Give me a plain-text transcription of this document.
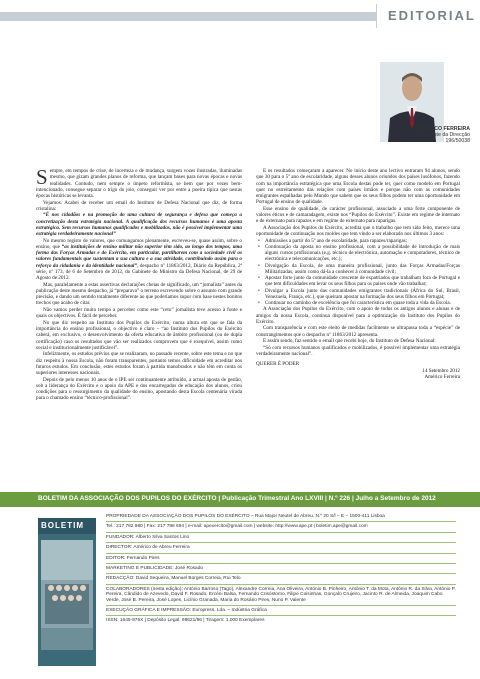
EDITORIAL
AMÉRICO FERREIRA
Presidente da Direcção
196/50038

Sempre, em tempos de crise, de incerteza e de mudança, surgem vozes ilustradas, iluminadas mesmo, que gizam grandes planos de reforma, que lançam bases para novas épocas e novas realidades. Contudo, nem sempre o ímpeto reformista, se bem que por vezes bem-intencionado, consegue separar o trigo do joio, conseguir ver por entre a poeira típica que nestas épocas históricas se levanta.

Vejamos. Acabei de receber um email do Instituto de Defesa Nacional que diz, de forma cristalina:

“É nos cidadãos e na promoção do uma cultura de segurança e defesa que começa a concretização desta estratégia nacional. A qualificação dos recursos humanos é uma aposta estratégica. Sem recursos humanos qualificados e mobilizados, não é possível implementar uma estratégia verdadeiramente nacional”

No mesmo registo de valores, que comungamos plenamente, escreveu-se, quase assim, sobre o ensino, que “as instituições de ensino militar não superior têm sido, ao longo dos tempos, uma forma das Forças Armadas e do Exército, em particular, partilharem com a sociedade civil os valores fundamentais que sustentam a sua cultura e a sua atividade, contribuindo assim para o reforço da cidadania e da identidade nacional”, despacho nº 11863/2012, Diário da República, 2ª série, nº 173, de 6 de Setembro de 2012, do Gabinete do Ministro da Defesa Nacional, de 29 de Agosto de 2012.

Mas, paralelamente a estas assertivas declarações cheias de significado, um “jornalista” antes da publicação deste mesmo despacho, já “preparava” o terreno escrevendo sobre o assunto com grande precisão, e dando um sentido totalmente diferente ao que poderíamos supor com base nestes bonitos trechos que acabo de citar.

Não vamos perder muito tempo a perceber como este “ceto” jornalista teve acesso à fonte e quais os objectivos. É fácil de perceber.

No que diz respeito ao Instituto dos Pupilos do Exército, numa altura em que se fala da importância do ensino profissional, o objectivo é claro – “ao Instituto dos Pupilos do Exército caberá, em exclusivo, o desenvolvimento da oferta educativa de âmbito profissional (ou de dupla certificação) caso os resultados que vão ser realizados comprovem que é exequível, assim como social e institucionalmente justificável”.

Infelizmente, os estudos prévios que se realizaram, no passado recente, sobre este tema e no que diz respeito à nossa Escola, não foram transparentes, portanto temos dificuldade em acreditar nos futuros estudos. Em conclusão, estes estudos foram à partida manobrados e não têm em conta os superiores interesses nacionais.

Depois de pelo menos 10 anos de o IPE ser continuamente atribuído, a actual aposta de gestão, sob a liderança do Exército e o apoio da APE e dos encarregados de educação dos alunos, criou condições para o ressurgimento da qualidade do ensino, apostando desta Escola centenária virada para o chamado ensino “técnico-profissional”.

E os resultados começaram a aparecer. No início deste ano lectivo entraram 94 alunos, sendo que 30 para o 5º ano de escolaridade, alguns desses alunos oriundos dos países lusófonos, fazendo com na importância estratégica que uma Escola destas pode ter, quer como modelo em Portugal quer no estreitamento das relações com países irmãos e porque não com as comunidades emigrantes espalhadas pelo Mundo que sabem que os seus filhos podem ter uma oportunidade em Portugal de ensino de qualidade.

Esse ensino de qualidade, de carácter profissional, associado a uma forte componente de valores éticos e de camaradagem, existe nos “Pupilos do Exército”. Existe em regime de internato e de externato para rapazes e em regime de externato para raparigas.

A Associação dos Pupilos do Exército, acredita que o trabalho que tem sido feito, merece uma oportunidade de continuação nos moldes que tem vindo a ser elaborado nos últimos 3 anos:

• Admissões a partir do 5º ano de escolaridade, para rapazes/raparigas;
• Continuação da aposta no ensino profissional, com a possibilidade de introdução de mais alguns cursos profissionais (e.g. técnico de electrónica, automação e computadores, técnico de electrónica e telecomunicações, etc.);
• Divulgação da Escola, de uma maneira profissional, junto das Forças Armadas/Forças Militarizadas, assim como dá-la a conhecer à comunidade civil;
• Apostar forte junto da comunidade crescente de expatriados que trabalham fora de Portugal e que tem dificuldades em levar os seus filhos para os países onde vão trabalhar;
• Divulgar a Escola junto das comunidades emigrantes tradicionais (África do Sul, Brasil, Venezuela, França, etc.), que queiram apostar na formação dos seus filhos em Portugal;
• Continuar no caminho de excelência que foi característica em quase toda a vida da Escola.

A Associação dos Pupilos do Exército, com o apoio de todos os antigos alunos e alunas e de amigos da nossa Escola, continua disponível para a optimização do Instituto dos Pupilos do Exército.

Com transparência e com este eleito de medidas facilmente se ultrapassa toda a “espécie” de constrangimentos que o despacho nº 11863/2012 apresenta.

E assim sendo, faz sentido o email que recebi hoje, do Instituto de Defesa Nacional:

“Só com recursos humanos qualificados e mobilizados, é possível implementar uma estratégia verdadeiramente nacional”.

QUERER É PODER

14 Setembro 2012

Américo Ferreira

BOLETIM DA ASSOCIAÇÃO DOS PUPILOS DO EXÉRCITO | Publicação Trimestral Ano LXVIII | N.º 226 | Julho a Setembro de 2012
BOLETIM
PROPRIEDADE DA ASSOCIAÇÃO DOS PUPILOS DO EXÉRCITO – Rua Major Neutel de Abreu, N.º 20 S/l – E – 1500-411 Lisboa
Tel.: 217 782 980 | Fax: 217 788 694 | e-mail: apexercito@gmail.com | website: http://www.ape.pt | boletim.ape@gmail.com
FUNDADOR: Alberto Silva Santos Lino
DIRECTOR: Américo de Abreu Ferreira
EDITOR: Fernando Pires
MARKETING E PUBLICIDADE: José Rosado
REDACÇÃO: David Sequeira, Manuel Borges Correia, Rui Telo
COLABORADORES (nesta edição): António Barroso (Tago), Alexandre Correia, Ana Oliveira, António B. Pinheiro, António T. da Mota, António R. da Silva, António P. Pereira, Cândido de Azevedo, David F. Rosado, Ercéni Balsa, Fernando Crisóstomo, Filipe Coisinhas, Gonçalo Crujeiro, Jacinto R. de Almeida, Joaquim Cabo Verde, José B. Pereira, José Lopes, Licínio Granada, Maria do Rosário Pires, Nuno P. Valente
EXECUÇÃO GRÁFICA E IMPRESSÃO: Europress, Lda. – Indústria Gráfica
ISSN: 1645-975X | Depósito Legal: 98621/96 | Tiragem: 1.000 Exemplares
